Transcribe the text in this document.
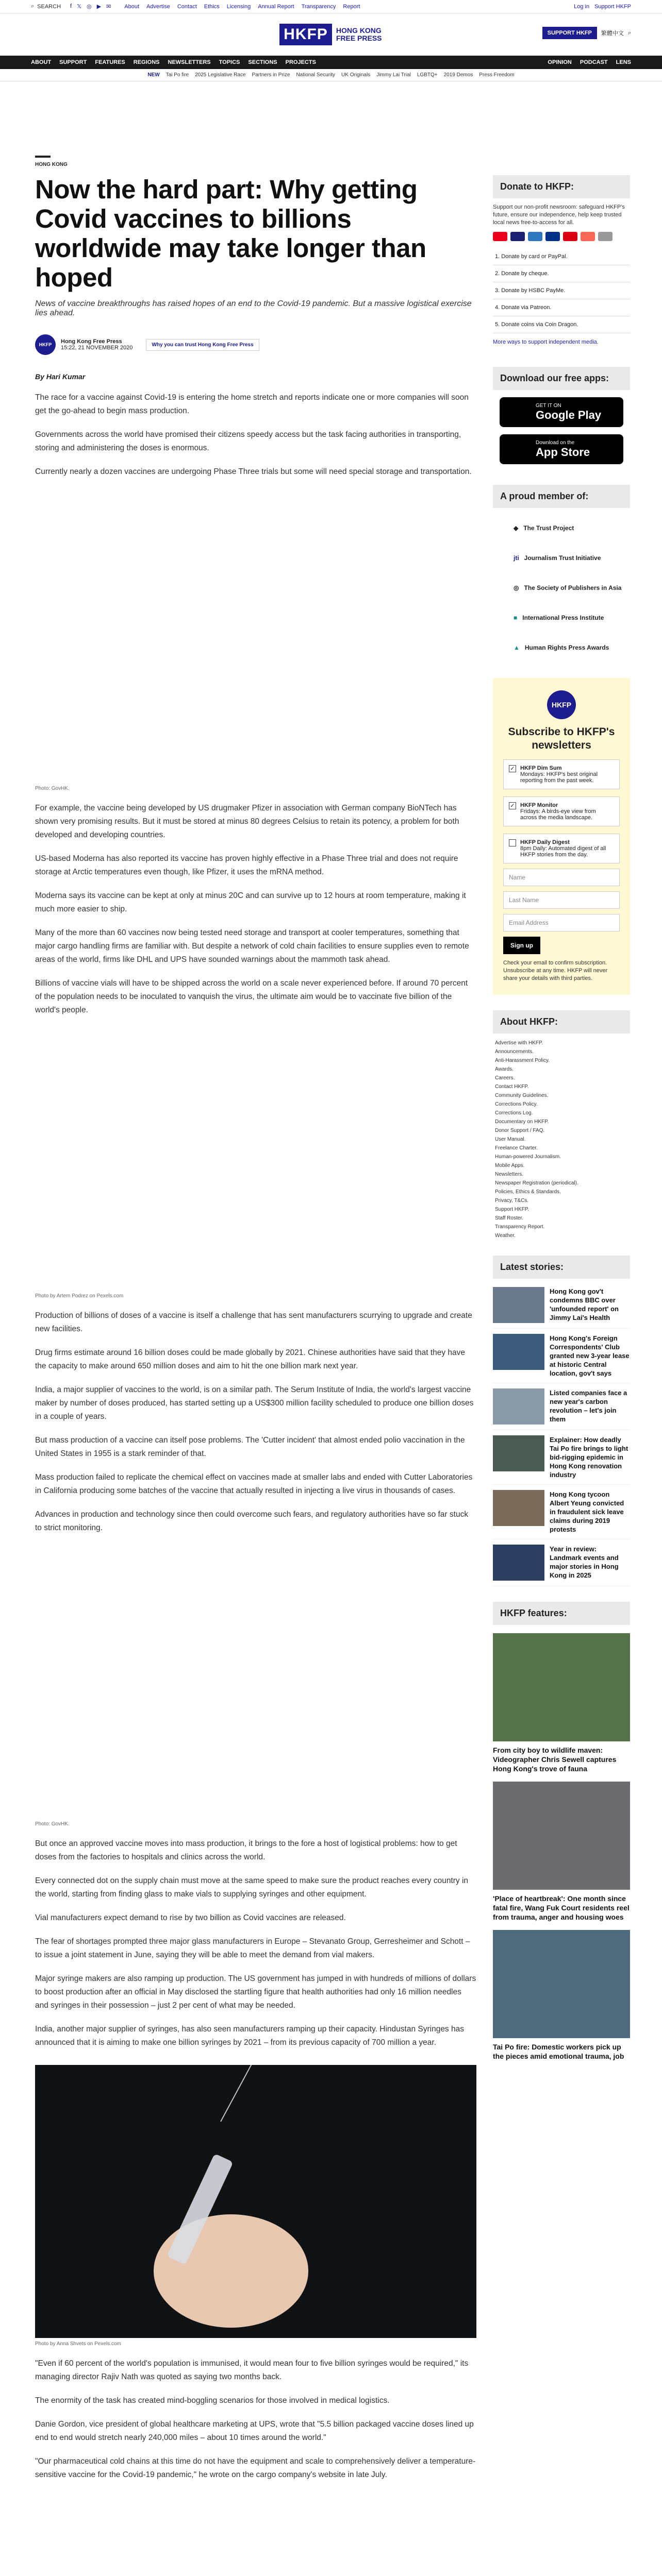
⌕ SEARCH f 𝕏 ◎ ▶ ✉ About Advertise Contact Ethics Licensing Annual Report Transparency Report	Log in Support HKFP
HKFP	HONG KONG FREE PRESS
SUPPORT HKFP	繁體中文 ⌕
ABOUT SUPPORT FEATURES REGIONS NEWSLETTERS TOPICS SECTIONS PROJECTS	OPINION PODCAST LENS
NEW Tai Po fire 2025 Legislative Race Partners in Prize National Security UK Originals Jimmy Lai Trial LGBTQ+ 2019 Demos Press Freedom
HONG KONG
Now the hard part: Why getting Covid vaccines to billions worldwide may take longer than hoped
News of vaccine breakthroughs has raised hopes of an end to the Covid-19 pandemic. But a massive logistical exercise lies ahead.
HKFP	Hong Kong Free Press
15:22, 21 NOVEMBER 2020	Why you can trust Hong Kong Free Press
By Hari Kumar

The race for a vaccine against Covid-19 is entering the home stretch and reports indicate one or more companies will soon get the go-ahead to begin mass production.

Governments across the world have promised their citizens speedy access but the task facing authorities in transporting, storing and administering the doses is enormous.

Currently nearly a dozen vaccines are undergoing Phase Three trials but some will need special storage and transportation.

Photo: GovHK.

For example, the vaccine being developed by US drugmaker Pfizer in association with German company BioNTech has shown very promising results. But it must be stored at minus 80 degrees Celsius to retain its potency, a problem for both developed and developing countries.

US-based Moderna has also reported its vaccine has proven highly effective in a Phase Three trial and does not require storage at Arctic temperatures even though, like Pfizer, it uses the mRNA method.

Moderna says its vaccine can be kept at only at minus 20C and can survive up to 12 hours at room temperature, making it much more easier to ship.

Many of the more than 60 vaccines now being tested need storage and transport at cooler temperatures, something that major cargo handling firms are familiar with. But despite a network of cold chain facilities to ensure supplies even to remote areas of the world, firms like DHL and UPS have sounded warnings about the mammoth task ahead.

Billions of vaccine vials will have to be shipped across the world on a scale never experienced before. If around 70 percent of the population needs to be inoculated to vanquish the virus, the ultimate aim would be to vaccinate five billion of the world's people.

Photo by Artem Podrez on Pexels.com

Production of billions of doses of a vaccine is itself a challenge that has sent manufacturers scurrying to upgrade and create new facilities.

Drug firms estimate around 16 billion doses could be made globally by 2021. Chinese authorities have said that they have the capacity to make around 650 million doses and aim to hit the one billion mark next year.

India, a major supplier of vaccines to the world, is on a similar path. The Serum Institute of India, the world's largest vaccine maker by number of doses produced, has started setting up a US$300 million facility scheduled to produce one billion doses in a couple of years.

But mass production of a vaccine can itself pose problems. The 'Cutter incident' that almost ended polio vaccination in the United States in 1955 is a stark reminder of that.

Mass production failed to replicate the chemical effect on vaccines made at smaller labs and ended with Cutter Laboratories in California producing some batches of the vaccine that actually resulted in injecting a live virus in thousands of cases.

Advances in production and technology since then could overcome such fears, and regulatory authorities have so far stuck to strict monitoring.

Photo: GovHK.

But once an approved vaccine moves into mass production, it brings to the fore a host of logistical problems: how to get doses from the factories to hospitals and clinics across the world.

Every connected dot on the supply chain must move at the same speed to make sure the product reaches every country in the world, starting from finding glass to make vials to supplying syringes and other equipment.

Vial manufacturers expect demand to rise by two billion as Covid vaccines are released.

The fear of shortages prompted three major glass manufacturers in Europe – Stevanato Group, Gerresheimer and Schott – to issue a joint statement in June, saying they will be able to meet the demand from vial makers.

Major syringe makers are also ramping up production. The US government has jumped in with hundreds of millions of dollars to boost production after an official in May disclosed the startling figure that health authorities had only 16 million needles and syringes in their possession – just 2 per cent of what may be needed.

India, another major supplier of syringes, has also seen manufacturers ramping up their capacity. Hindustan Syringes has announced that it is aiming to make one billion syringes by 2021 – from its previous capacity of 700 million a year.

Photo by Anna Shvets on Pexels.com

"Even if 60 percent of the world's population is immunised, it would mean four to five billion syringes would be required," its managing director Rajiv Nath was quoted as saying two months back.

The enormity of the task has created mind-boggling scenarios for those involved in medical logistics.

Danie Gordon, vice president of global healthcare marketing at UPS, wrote that "5.5 billion packaged vaccine doses lined up end to end would stretch nearly 240,000 miles – about 10 times around the world."

"Our pharmaceutical cold chains at this time do not have the equipment and scale to comprehensively deliver a temperature-sensitive vaccine for the Covid-19 pandemic," he wrote on the cargo company's website in late July.

Donate to HKFP:

Support our non-profit newsroom: safeguard HKFP's future, ensure our independence, help keep trusted local news free-to-access for all.

1. Donate by card or PayPal.
2. Donate by cheque.
3. Donate by HSBC PayMe.
4. Donate via Patreon.
5. Donate coins via Coin Dragon.

More ways to support independent media.

Download our free apps:
GET IT ON
Google Play
Download on the
App Store
A proud member of:
◆ The Trust Project
jti Journalism Trust Initiative
◎ The Society of Publishers in Asia
■ International Press Institute
▲ Human Rights Press Awards
HKFP
Subscribe to HKFP's newsletters
✓ HKFP Dim Sum
Mondays: HKFP's best original reporting from the past week.
✓ HKFP Monitor
Fridays: A birds-eye view from across the media landscape.
HKFP Daily Digest
8pm Daily: Automated digest of all HKFP stories from the day.
Name
Last Name
Email Address
Sign up

Check your email to confirm subscription. Unsubscribe at any time. HKFP will never share your details with third parties.

About HKFP:
Advertise with HKFP.
Announcements.
Anti-Harassment Policy.
Awards.
Careers.
Contact HKFP.
Community Guidelines.
Corrections Policy.
Corrections Log.
Documentary on HKFP.
Donor Support / FAQ.
User Manual.
Freelance Charter.
Human-powered Journalism.
Mobile Apps.
Newsletters.
Newspaper Registration (periodical).
Policies, Ethics & Standards.
Privacy, T&Cs.
Support HKFP.
Staff Roster.
Transparency Report.
Weather.
Latest stories:
Hong Kong gov't condemns BBC over 'unfounded report' on Jimmy Lai's Health
Hong Kong's Foreign Correspondents' Club granted new 3-year lease at historic Central location, gov't says
Listed companies face a new year's carbon revolution – let's join them
Explainer: How deadly Tai Po fire brings to light bid-rigging epidemic in Hong Kong renovation industry
Hong Kong tycoon Albert Yeung convicted in fraudulent sick leave claims during 2019 protests
Year in review: Landmark events and major stories in Hong Kong in 2025
HKFP features:
From city boy to wildlife maven: Videographer Chris Sewell captures Hong Kong's trove of fauna
'Place of heartbreak': One month since fatal fire, Wang Fuk Court residents reel from trauma, anger and housing woes
Tai Po fire: Domestic workers pick up the pieces amid emotional trauma, job
